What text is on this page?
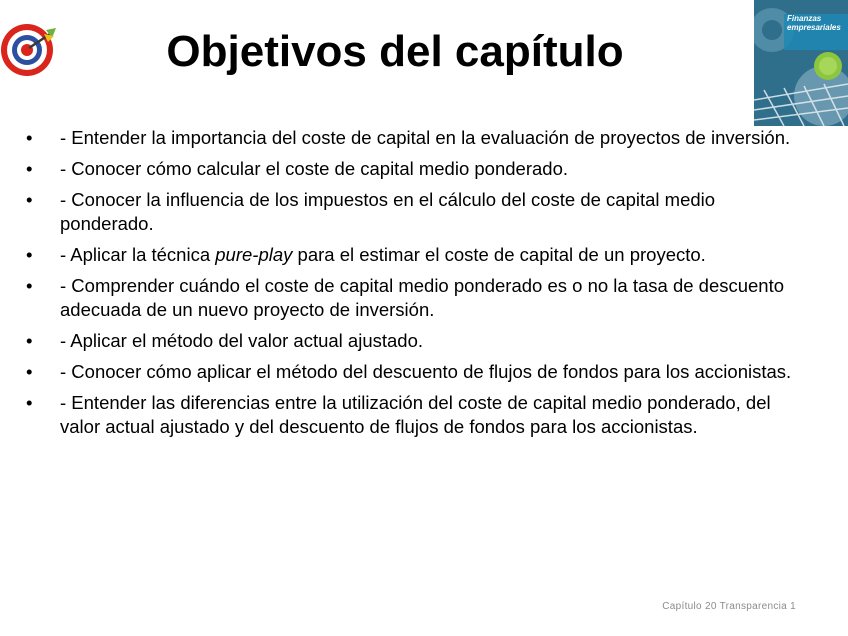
Objetivos del capítulo
Finanzas
empresariales
• - Entender la importancia del coste de capital en la evaluación de proyectos de inversión.
• - Conocer cómo calcular el coste de capital medio ponderado.
• - Conocer la influencia de los impuestos en el cálculo del coste de capital medio ponderado.
• - Aplicar la técnica pure-play para el estimar el coste de capital de un proyecto.
• - Comprender cuándo el coste de capital medio ponderado es o no la tasa de descuento adecuada de un nuevo proyecto de inversión.
• - Aplicar el método del valor actual ajustado.
• - Conocer cómo aplicar el método del descuento de flujos de fondos para los accionistas.
• - Entender las diferencias entre la utilización del coste de capital medio ponderado, del valor actual ajustado y del descuento de flujos de fondos para los accionistas.
Capítulo 20 Transparencia 1
